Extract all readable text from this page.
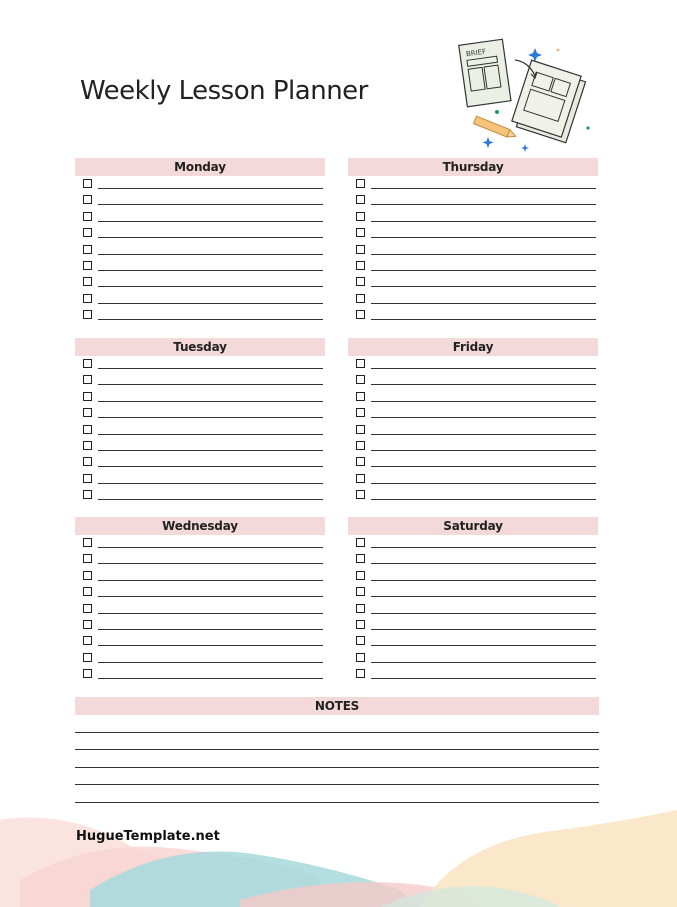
Weekly Lesson Planner
BRIEF
Monday	Thursday
Tuesday	Friday
Wednesday	Saturday
NOTES
HugueTemplate.net
